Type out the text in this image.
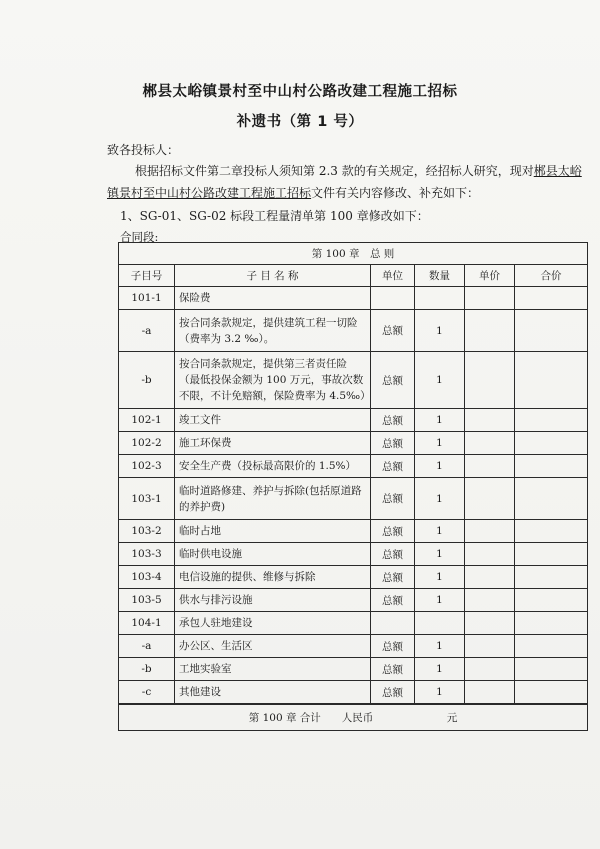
郴县太峪镇景村至中山村公路改建工程施工招标
补遗书（第 1 号）
致各投标人：
根据招标文件第二章投标人须知第 2.3 款的有关规定，经招标人研究，现对郴县太峪
镇景村至中山村公路改建工程施工招标文件有关内容修改、补充如下：
1、SG-01、SG-02 标段工程量清单第 100 章修改如下：
合同段:
第 100 章　总 则					
子目号	子 目 名 称	单位	数量	单价	合价
101-1	保险费				
-a	按合同条款规定，提供建筑工程一切险（费率为 3.2 ‰）。	总额	1		
-b	按合同条款规定，提供第三者责任险（最低投保金额为 100 万元，事故次数不限，不计免赔额，保险费率为 4.5‰）	总额	1		
102-1	竣工文件	总额	1		
102-2	施工环保费	总额	1		
102-3	安全生产费（投标最高限价的 1.5%）	总额	1		
103-1	临时道路修建、养护与拆除(包括原道路的养护费)	总额	1		
103-2	临时占地	总额	1		
103-3	临时供电设施	总额	1		
103-4	电信设施的提供、维修与拆除	总额	1		
103-5	供水与排污设施	总额	1		
104-1	承包人驻地建设				
-a	办公区、生活区	总额	1		
-b	工地实验室	总额	1		
-c	其他建设	总额	1		
第 100 章 合计　　人民币　　　　　　　元					
